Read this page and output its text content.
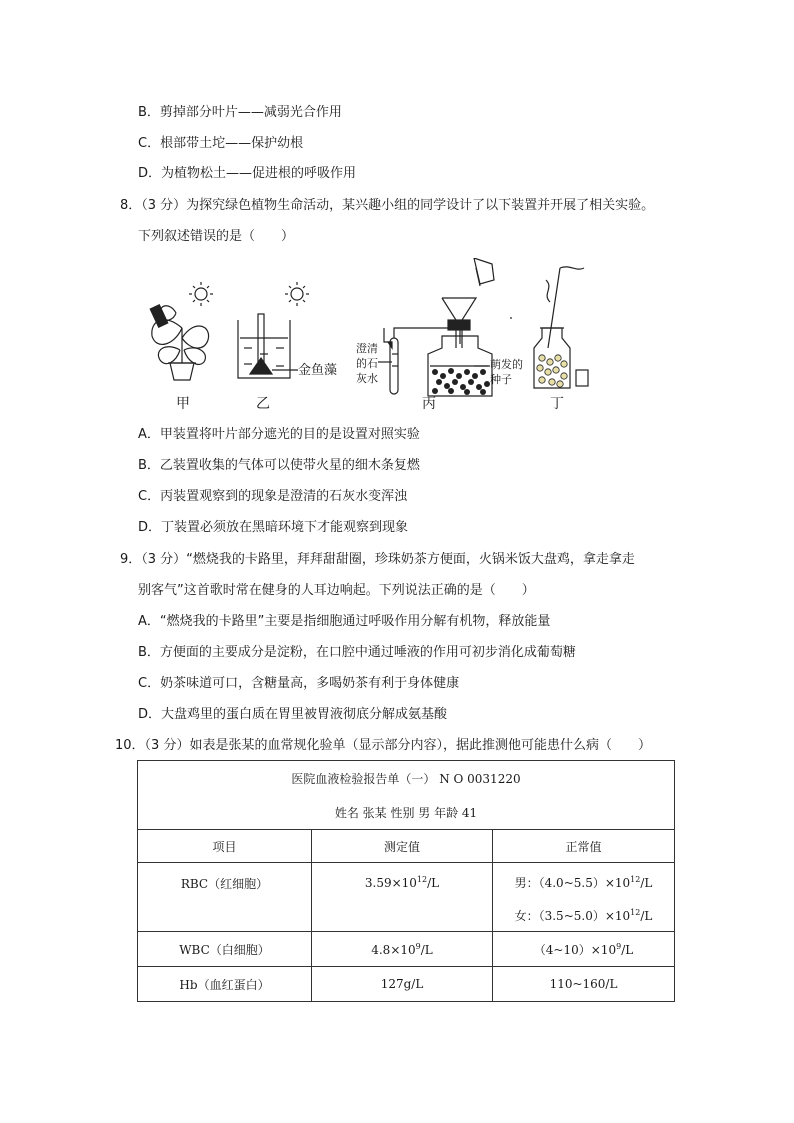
B．剪掉部分叶片——减弱光合作用
C．根部带土坨——保护幼根
D．为植物松土——促进根的呼吸作用
8．（3 分）为探究绿色植物生命活动，某兴趣小组的同学设计了以下装置并开展了相关实验。
下列叙述错误的是（　　）
甲	乙	丙	丁
金鱼藻
澄清
的石
灰水
萌发的
种子
A．甲装置将叶片部分遮光的目的是设置对照实验
B．乙装置收集的气体可以使带火星的细木条复燃
C．丙装置观察到的现象是澄清的石灰水变浑浊
D．丁装置必须放在黑暗环境下才能观察到现象
9．（3 分）“燃烧我的卡路里，拜拜甜甜圈，珍珠奶茶方便面，火锅米饭大盘鸡，拿走拿走
别客气”这首歌时常在健身的人耳边响起。下列说法正确的是（　　）
A．“燃烧我的卡路里”主要是指细胞通过呼吸作用分解有机物，释放能量
B．方便面的主要成分是淀粉，在口腔中通过唾液的作用可初步消化成葡萄糖
C．奶茶味道可口，含糖量高，多喝奶茶有利于身体健康
D．大盘鸡里的蛋白质在胃里被胃液彻底分解成氨基酸
10．（3 分）如表是张某的血常规化验单（显示部分内容），据此推测他可能患什么病（　　）
医院血液检验报告单（一） N O 0031220		
姓名 张某 性别 男 年龄 41		
项目	测定值	正常值

RBC（红细胞）	$3.59\times 10^{12}/L$	男：$(4.0\sim 5.5)\times 10^{12}/L$
女：$(3.5\sim 5.0)\times 10^{12}/L$

WBC（白细胞）	$4.8\times 10^9/L$	$(4\sim 10)\times 10^9/L$
Hb（血红蛋白）	127g/L	110~160/L
